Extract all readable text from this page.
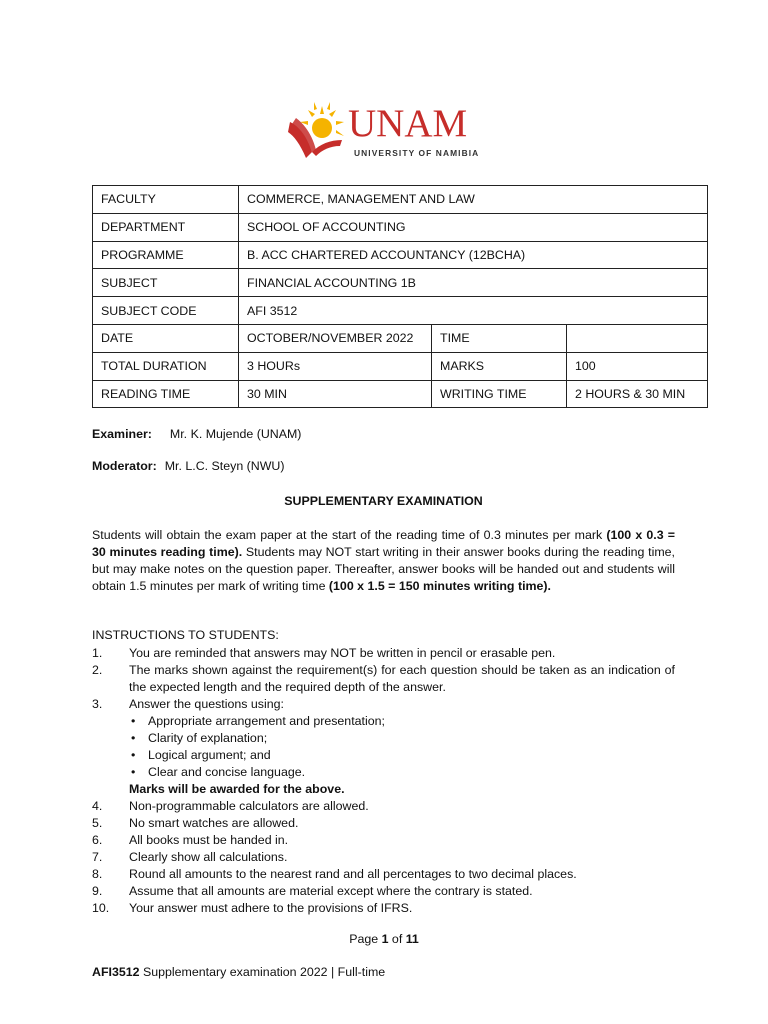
UNAM
UNIVERSITY OF NAMIBIA
FACULTY	COMMERCE, MANAGEMENT AND LAW		
DEPARTMENT	SCHOOL OF ACCOUNTING		
PROGRAMME	B. ACC CHARTERED ACCOUNTANCY (12BCHA)		
SUBJECT	FINANCIAL ACCOUNTING 1B		
SUBJECT CODE	AFI 3512		
DATE	OCTOBER/NOVEMBER 2022	TIME	
TOTAL DURATION	3 HOURs	MARKS	100
READING TIME	30 MIN	WRITING TIME	2 HOURS & 30 MIN
Examiner: Mr. K. Mujende (UNAM)
Moderator: Mr. L.C. Steyn (NWU)
SUPPLEMENTARY EXAMINATION
Students will obtain the exam paper at the start of the reading time of 0.3 minutes per mark (100 x 0.3 = 30 minutes reading time). Students may NOT start writing in their answer books during the reading time, but may make notes on the question paper. Thereafter, answer books will be handed out and students will obtain 1.5 minutes per mark of writing time (100 x 1.5 = 150 minutes writing time).
INSTRUCTIONS TO STUDENTS:
1. You are reminded that answers may NOT be written in pencil or erasable pen.
2. The marks shown against the requirement(s) for each question should be taken as an indication of the expected length and the required depth of the answer.
3. Answer the questions using:
• Appropriate arrangement and presentation;
• Clarity of explanation;
• Logical argument; and
• Clear and concise language.
Marks will be awarded for the above.
4. Non-programmable calculators are allowed.
5. No smart watches are allowed.
6. All books must be handed in.
7. Clearly show all calculations.
8. Round all amounts to the nearest rand and all percentages to two decimal places.
9. Assume that all amounts are material except where the contrary is stated.
10. Your answer must adhere to the provisions of IFRS.
Page 1 of 11
AFI3512 Supplementary examination 2022 | Full-time
